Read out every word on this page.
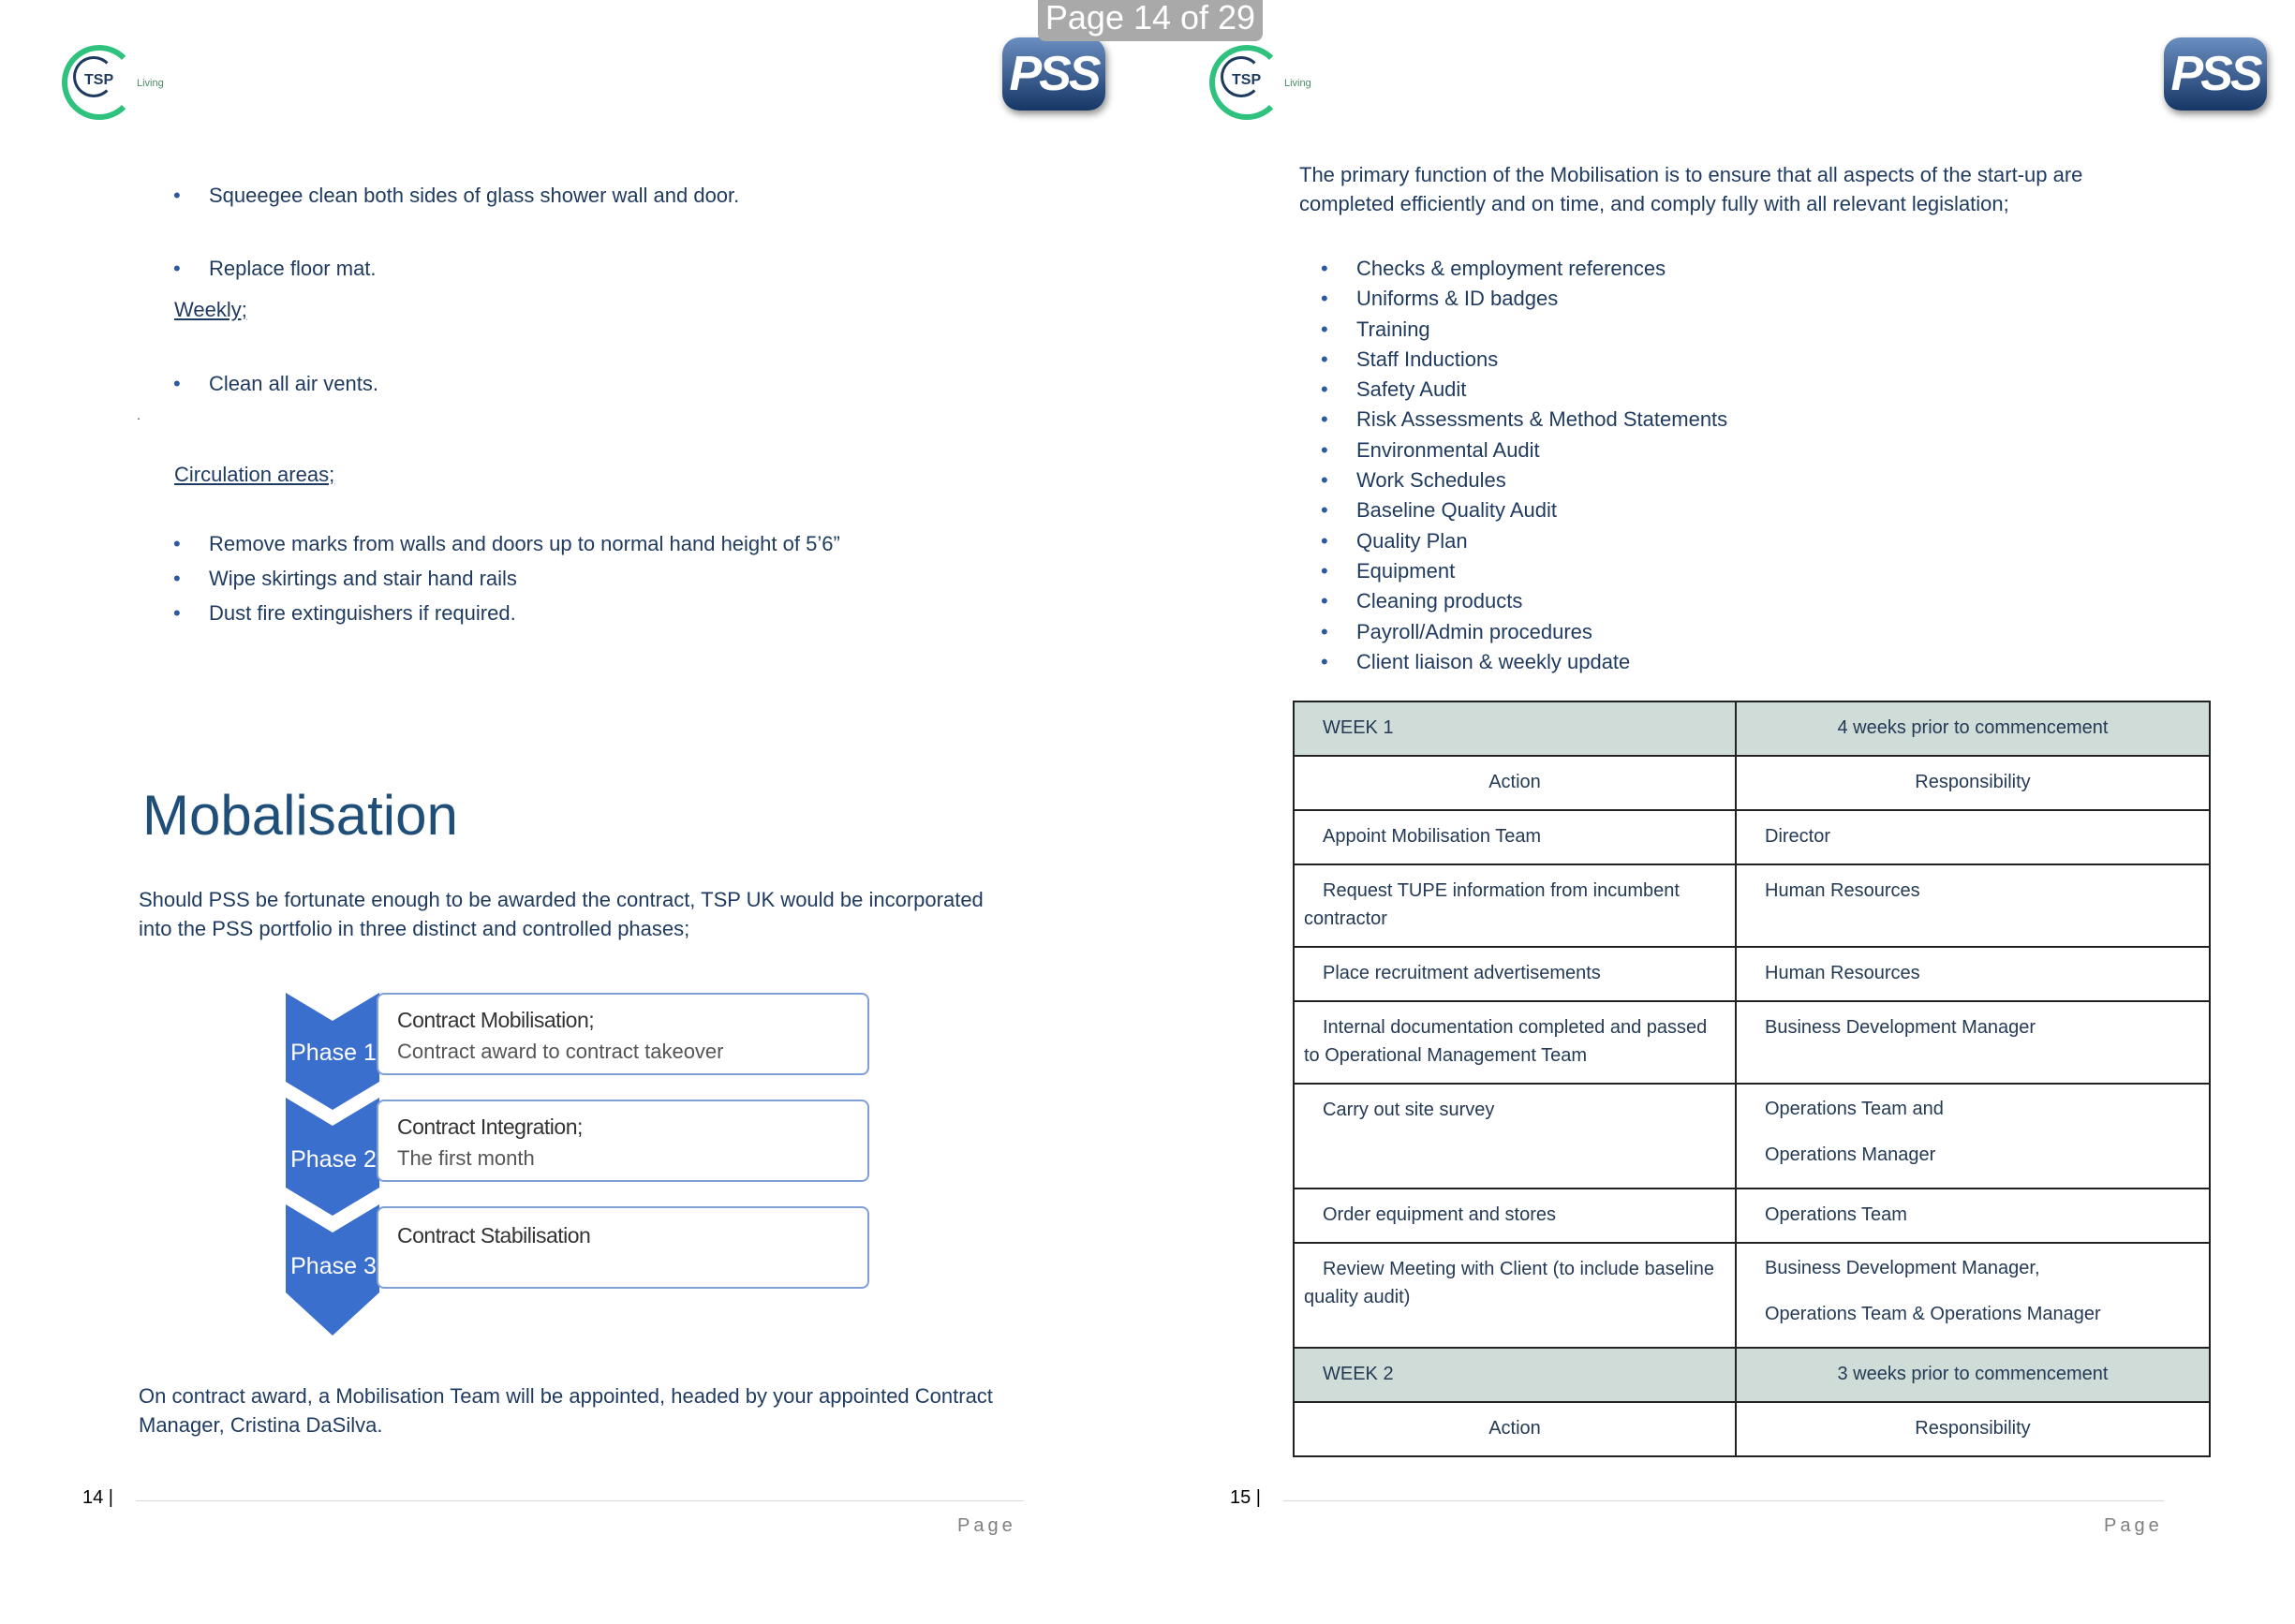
Page 14 of 29
TSP Living	PSS
• Squeegee clean both sides of glass shower wall and door.
• Replace floor mat.
Weekly;
• Clean all air vents.
.
Circulation areas;
• Remove marks from walls and doors up to normal hand height of 5’6”
• Wipe skirtings and stair hand rails
• Dust fire extinguishers if required.
Mobalisation
Should PSS be fortunate enough to be awarded the contract, TSP UK would be incorporated into the PSS portfolio in three distinct and controlled phases;
Phase 1
Phase 2
Phase 3
Contract Mobilisation;
Contract award to contract takeover
Contract Integration;
The first month
Contract Stabilisation
On contract award, a Mobilisation Team will be appointed, headed by your appointed Contract Manager, Cristina DaSilva.
14 |
Page
TSP Living	PSS
The primary function of the Mobilisation is to ensure that all aspects of the start-up are completed efficiently and on time, and comply fully with all relevant legislation;
• Checks & employment references
• Uniforms & ID badges
• Training
• Staff Inductions
• Safety Audit
• Risk Assessments & Method Statements
• Environmental Audit
• Work Schedules
• Baseline Quality Audit
• Quality Plan
• Equipment
• Cleaning products
• Payroll/Admin procedures
• Client liaison & weekly update
WEEK 1	4 weeks prior to commencement
Action	Responsibility
Appoint Mobilisation Team	Director
Request TUPE information from incumbent contractor	Human Resources
Place recruitment advertisements	Human Resources
Internal documentation completed and passed to Operational Management Team	Business Development Manager
Carry out site survey	Operations Team and
Operations Manager

Order equipment and stores	Operations Team
Review Meeting with Client (to include baseline quality audit)	Business Development Manager,
Operations Team & Operations Manager

WEEK 2	3 weeks prior to commencement
Action	Responsibility
15 |
Page
